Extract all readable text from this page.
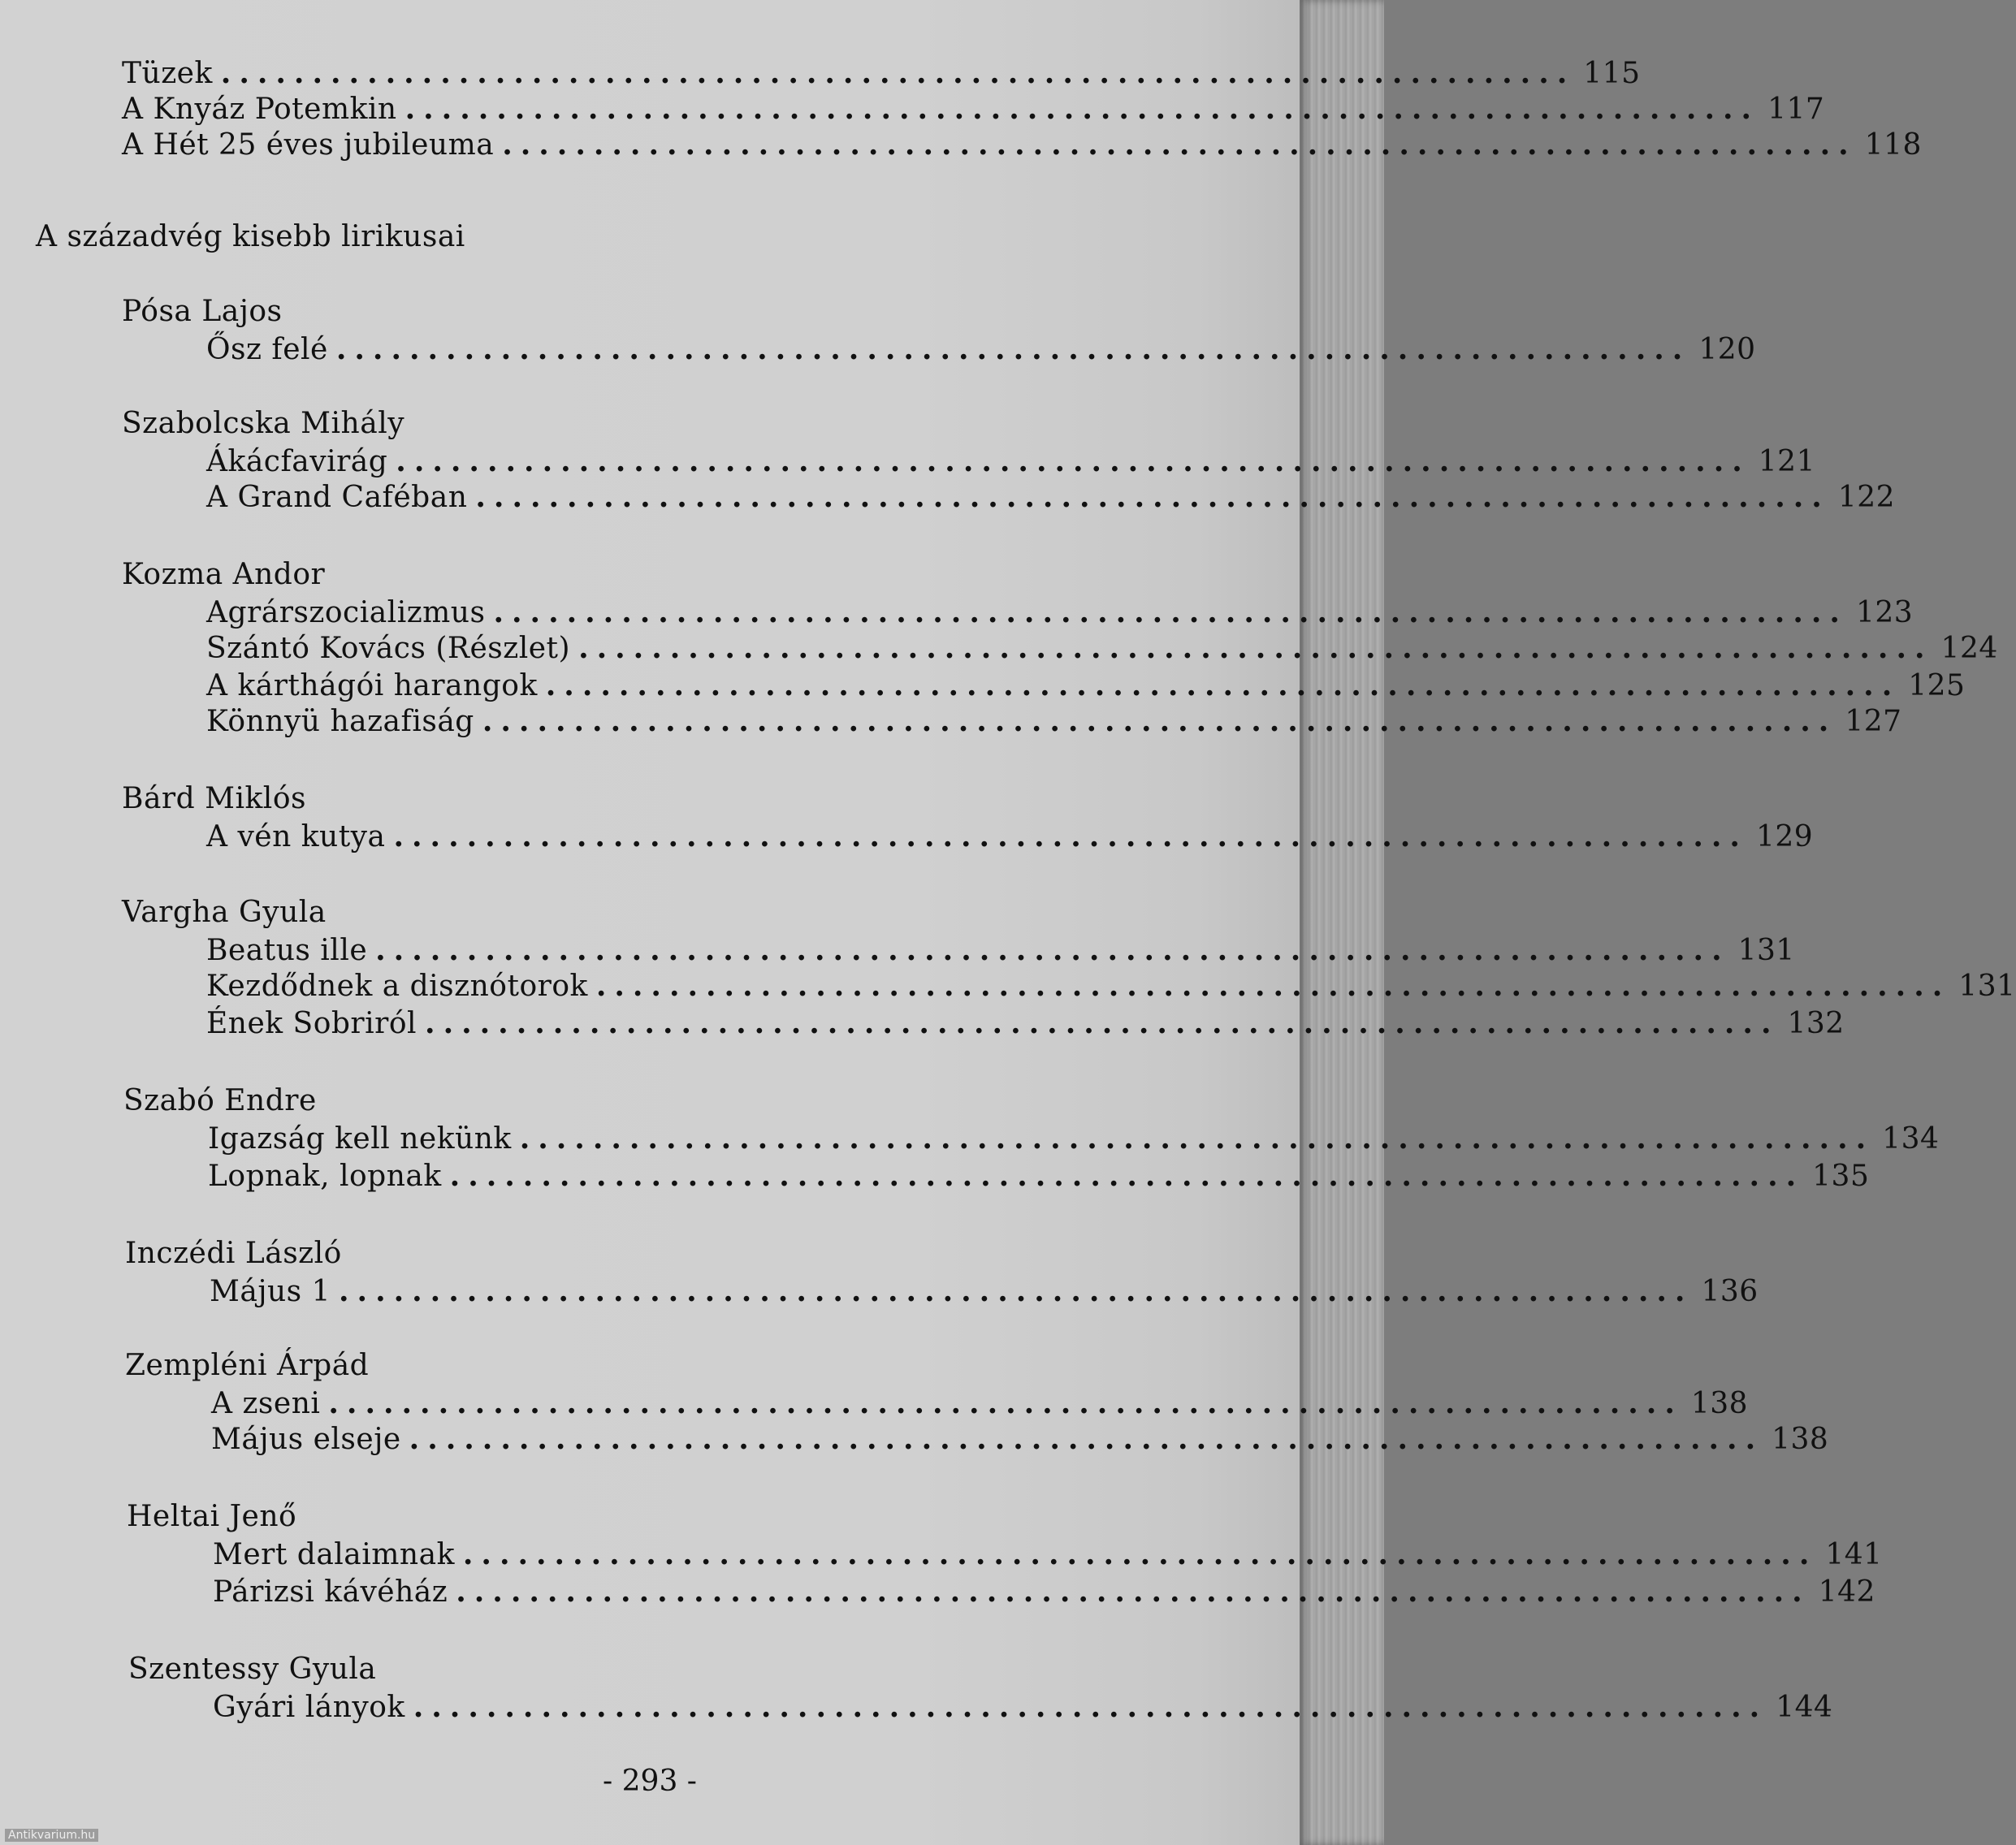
Tüzek .......................................................................... 115
A Knyáz Potemkin .......................................................................... 117
A Hét 25 éves jubileuma .......................................................................... 118
A századvég kisebb lirikusai
Pósa Lajos
Ősz felé .......................................................................... 120
Szabolcska Mihály
Ákácfavirág .......................................................................... 121
A Grand Caféban .......................................................................... 122
Kozma Andor
Agrárszocializmus .......................................................................... 123
Szántó Kovács (Részlet) .......................................................................... 124
A kárthágói harangok .......................................................................... 125
Könnyü hazafiság .......................................................................... 127
Bárd Miklós
A vén kutya .......................................................................... 129
Vargha Gyula
Beatus ille .......................................................................... 131
Kezdődnek a disznótorok .......................................................................... 131
Ének Sobriról .......................................................................... 132
Szabó Endre
Igazság kell nekünk .......................................................................... 134
Lopnak, lopnak .......................................................................... 135
Inczédi László
Május 1 .......................................................................... 136
Zempléni Árpád
A zseni .......................................................................... 138
Május elseje .......................................................................... 138
Heltai Jenő
Mert dalaimnak .......................................................................... 141
Párizsi kávéház .......................................................................... 142
Szentessy Gyula
Gyári lányok .......................................................................... 144
- 293 -
Antikvarium.hu
